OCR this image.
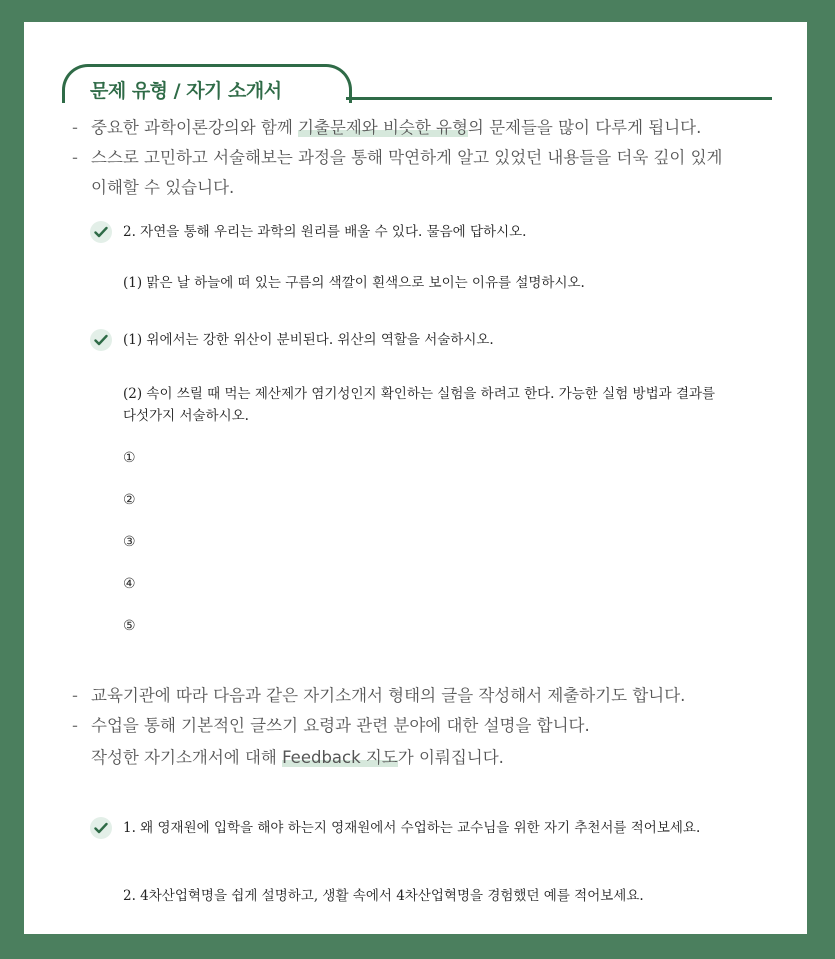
문제 유형 / 자기 소개서
- 중요한 과학이론강의와 함께 기출문제와 비슷한 유형의 문제들을 많이 다루게 됩니다.
- 스스로 고민하고 서술해보는 과정을 통해 막연하게 알고 있었던 내용들을 더욱 깊이 있게
이해할 수 있습니다.
2. 자연을 통해 우리는 과학의 원리를 배울 수 있다. 물음에 답하시오.
(1) 맑은 날 하늘에 떠 있는 구름의 색깔이 흰색으로 보이는 이유를 설명하시오.
(1) 위에서는 강한 위산이 분비된다. 위산의 역할을 서술하시오.
(2) 속이 쓰릴 때 먹는 제산제가 염기성인지 확인하는 실험을 하려고 한다. 가능한 실험 방법과 결과를
다섯가지 서술하시오.
①
②
③
④
⑤
- 교육기관에 따라 다음과 같은 자기소개서 형태의 글을 작성해서 제출하기도 합니다.
- 수업을 통해 기본적인 글쓰기 요령과 관련 분야에 대한 설명을 합니다.
작성한 자기소개서에 대해 Feedback 지도가 이뤄집니다.
1. 왜 영재원에 입학을 해야 하는지 영재원에서 수업하는 교수님을 위한 자기 추천서를 적어보세요.
2. 4차산업혁명을 쉽게 설명하고, 생활 속에서 4차산업혁명을 경험했던 예를 적어보세요.
